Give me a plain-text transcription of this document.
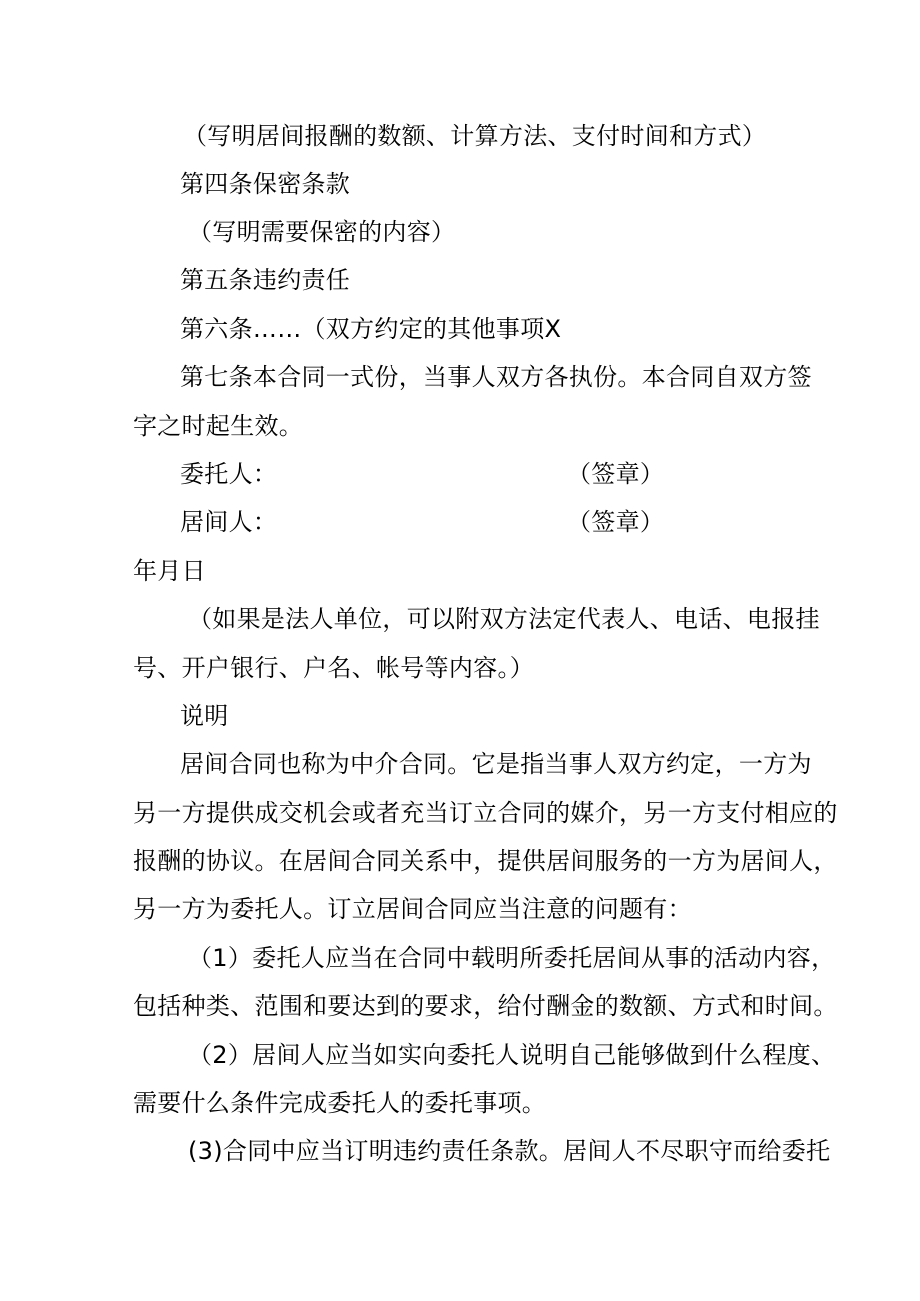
（写明居间报酬的数额、计算方法、支付时间和方式）
第四条保密条款
（写明需要保密的内容）
第五条违约责任
第六条……（双方约定的其他事项X
第七条本合同一式份，当事人双方各执份。本合同自双方签
字之时起生效。
委托人：	（签章）
居间人：	（签章）
年月日
（如果是法人单位，可以附双方法定代表人、电话、电报挂
号、开户银行、户名、帐号等内容。）
说明
居间合同也称为中介合同。它是指当事人双方约定，一方为
另一方提供成交机会或者充当订立合同的媒介，另一方支付相应的
报酬的协议。在居间合同关系中，提供居间服务的一方为居间人，
另一方为委托人。订立居间合同应当注意的问题有：
（1）委托人应当在合同中载明所委托居间从事的活动内容，
包括种类、范围和要达到的要求，给付酬金的数额、方式和时间。
（2）居间人应当如实向委托人说明自己能够做到什么程度、
需要什么条件完成委托人的委托事项。
(3)合同中应当订明违约责任条款。居间人不尽职守而给委托
